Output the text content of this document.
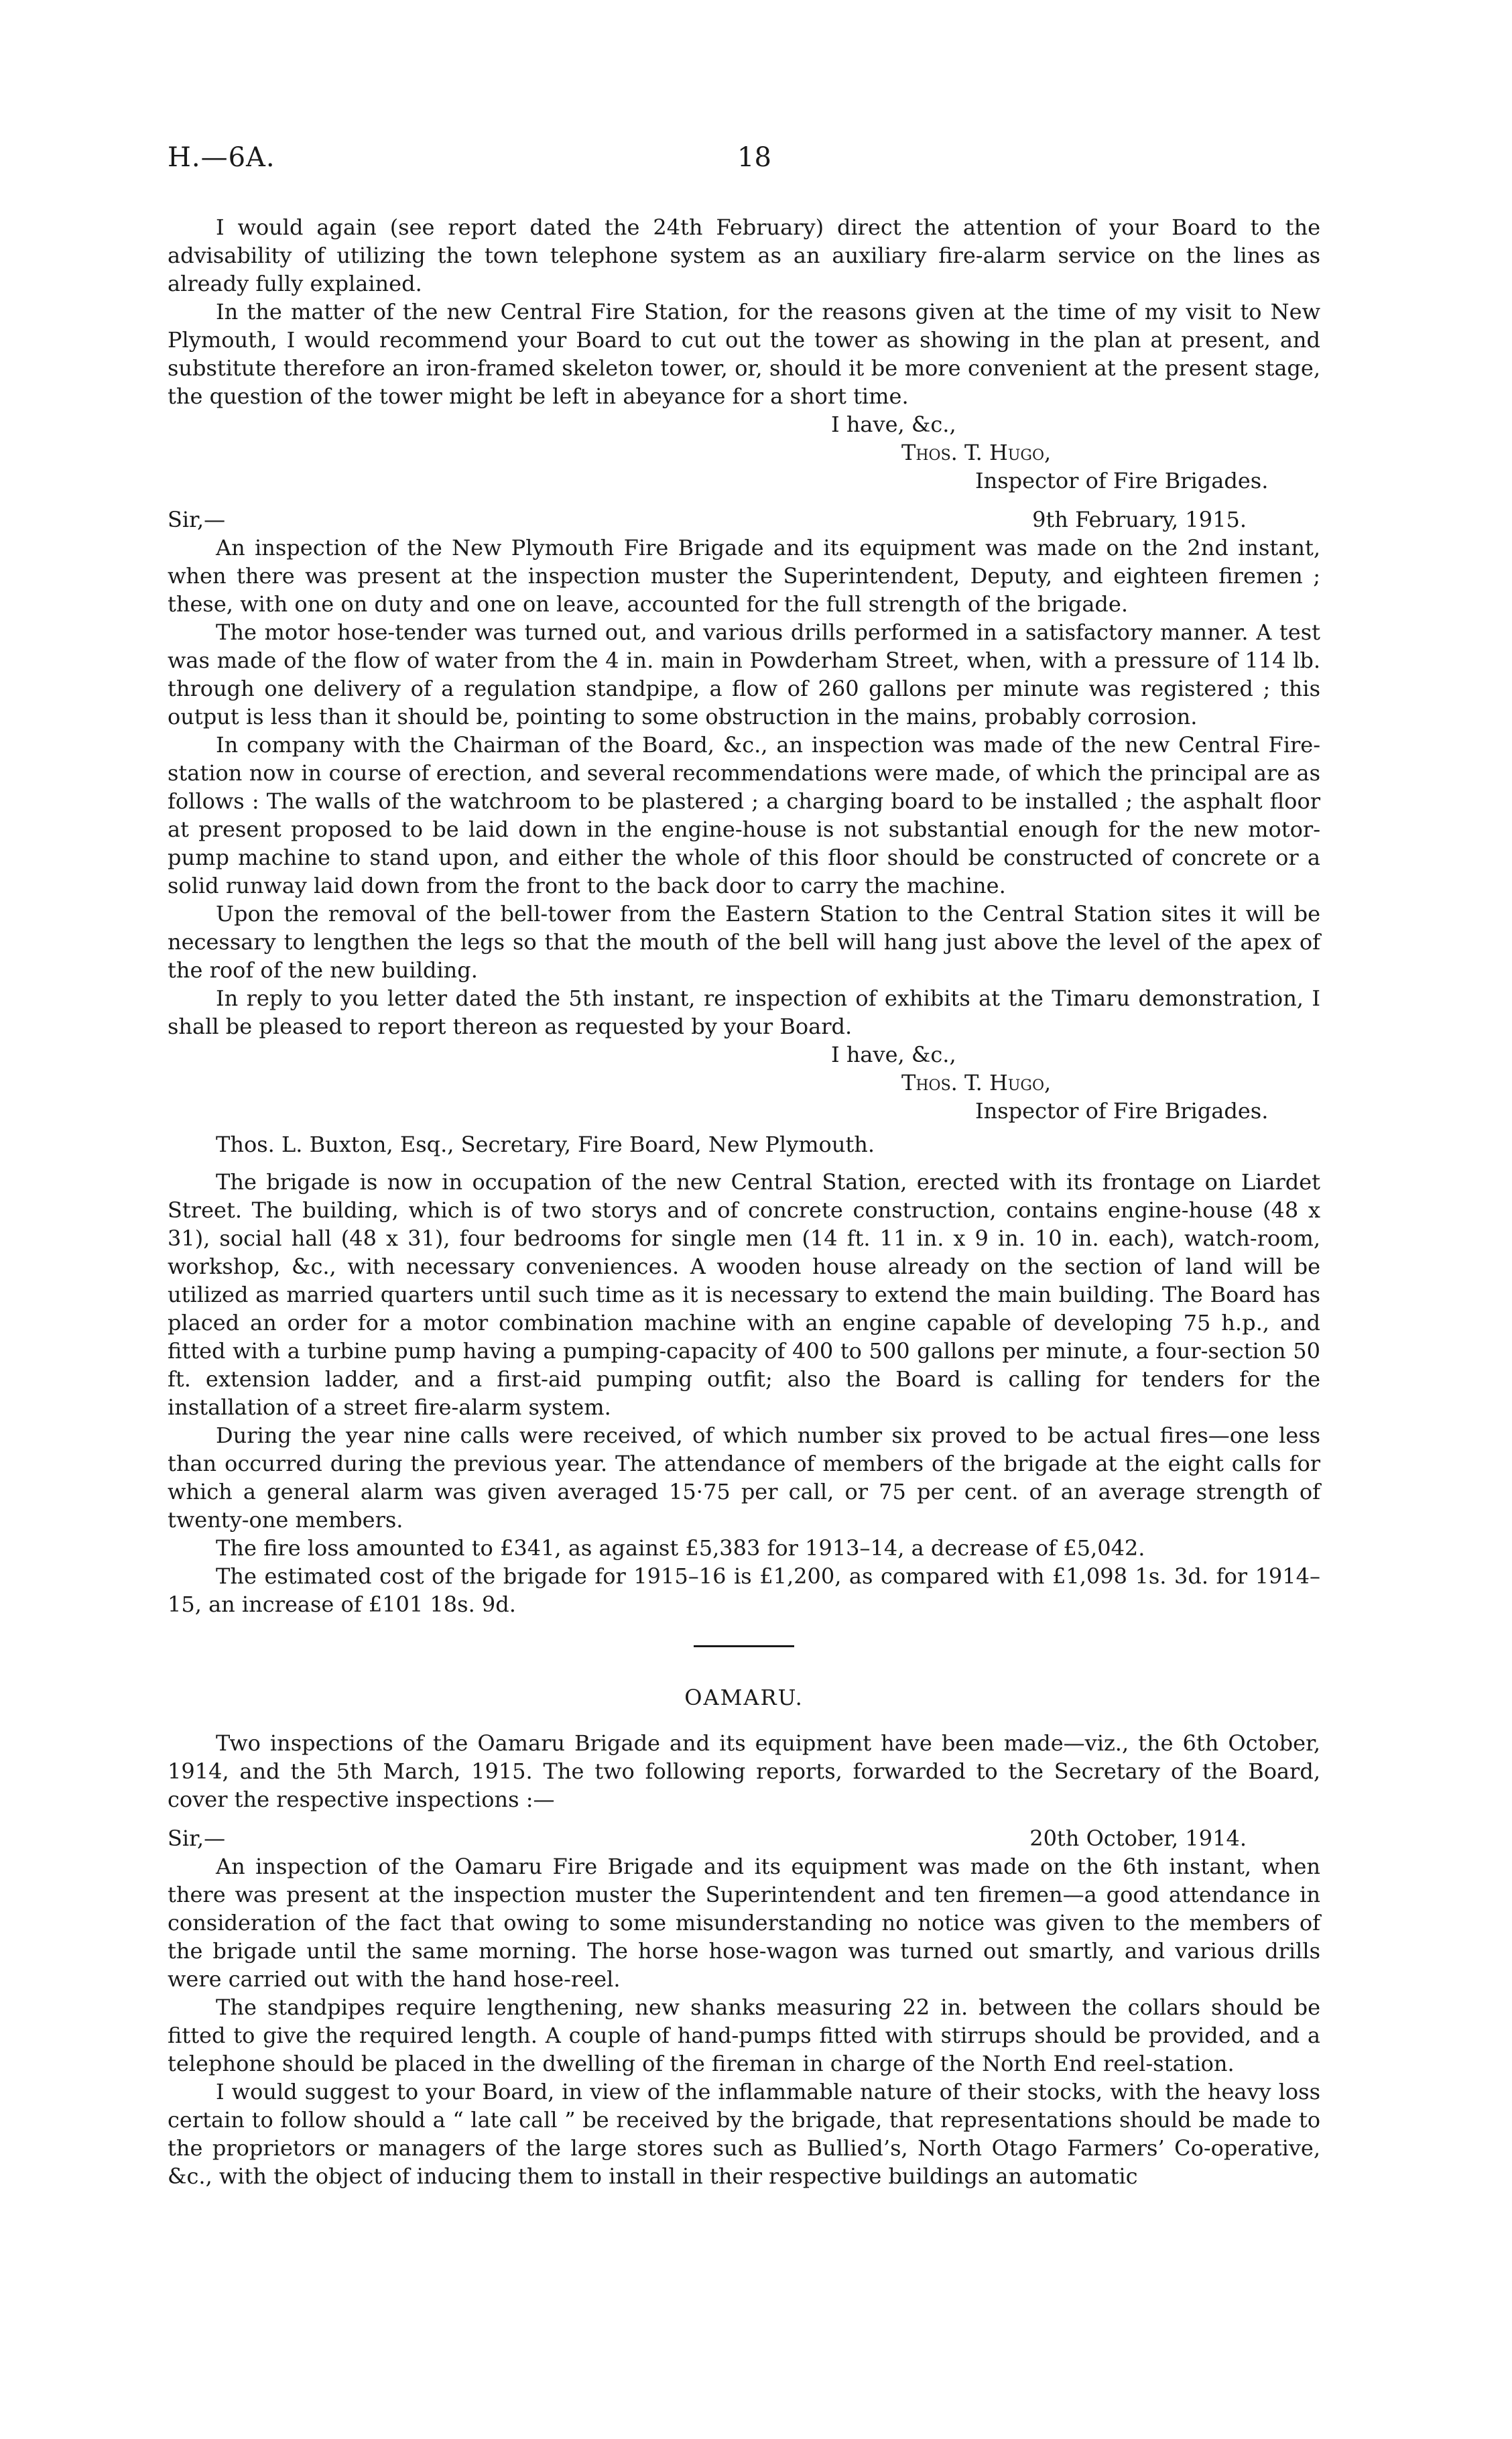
H.—6A.	18

I would again (see report dated the 24th February) direct the attention of your Board to the advisability of utilizing the town telephone system as an auxiliary fire-alarm service on the lines as already fully explained.

In the matter of the new Central Fire Station, for the reasons given at the time of my visit to New Plymouth, I would recommend your Board to cut out the tower as showing in the plan at present, and substitute therefore an iron-framed skeleton tower, or, should it be more convenient at the present stage, the question of the tower might be left in abeyance for a short time.

I have, &c.,

Thos. T. Hugo,

Inspector of Fire Brigades.

Sir,—	9th February, 1915.

An inspection of the New Plymouth Fire Brigade and its equipment was made on the 2nd instant, when there was present at the inspection muster the Superintendent, Deputy, and eighteen firemen ; these, with one on duty and one on leave, accounted for the full strength of the brigade.

The motor hose-tender was turned out, and various drills performed in a satisfactory manner. A test was made of the flow of water from the 4 in. main in Powderham Street, when, with a pressure of 114 lb. through one delivery of a regulation standpipe, a flow of 260 gallons per minute was registered ; this output is less than it should be, pointing to some obstruction in the mains, probably corrosion.

In company with the Chairman of the Board, &c., an inspection was made of the new Central Fire-station now in course of erection, and several recommendations were made, of which the principal are as follows : The walls of the watchroom to be plastered ; a charging board to be installed ; the asphalt floor at present proposed to be laid down in the engine-house is not substantial enough for the new motor-pump machine to stand upon, and either the whole of this floor should be constructed of concrete or a solid runway laid down from the front to the back door to carry the machine.

Upon the removal of the bell-tower from the Eastern Station to the Central Station sites it will be necessary to lengthen the legs so that the mouth of the bell will hang just above the level of the apex of the roof of the new building.

In reply to you letter dated the 5th instant, re inspection of exhibits at the Timaru demonstration, I shall be pleased to report thereon as requested by your Board.

I have, &c.,

Thos. T. Hugo,

Inspector of Fire Brigades.

Thos. L. Buxton, Esq., Secretary, Fire Board, New Plymouth.

The brigade is now in occupation of the new Central Station, erected with its frontage on Liardet Street. The building, which is of two storys and of concrete construction, contains engine-house (48 x 31), social hall (48 x 31), four bedrooms for single men (14 ft. 11 in. x 9 in. 10 in. each), watch-room, workshop, &c., with necessary conveniences. A wooden house already on the section of land will be utilized as married quarters until such time as it is necessary to extend the main building. The Board has placed an order for a motor combination machine with an engine capable of developing 75 h.p., and fitted with a turbine pump having a pumping-capacity of 400 to 500 gallons per minute, a four-section 50 ft. extension ladder, and a first-aid pumping outfit; also the Board is calling for tenders for the installation of a street fire-alarm system.

During the year nine calls were received, of which number six proved to be actual fires—one less than occurred during the previous year. The attendance of members of the brigade at the eight calls for which a general alarm was given averaged 15·75 per call, or 75 per cent. of an average strength of twenty-one members.

The fire loss amounted to £341, as against £5,383 for 1913–14, a decrease of £5,042.

The estimated cost of the brigade for 1915–16 is £1,200, as compared with £1,098 1s. 3d. for 1914–15, an increase of £101 18s. 9d.

OAMARU.

Two inspections of the Oamaru Brigade and its equipment have been made—viz., the 6th October, 1914, and the 5th March, 1915. The two following reports, forwarded to the Secretary of the Board, cover the respective inspections :—

Sir,—	20th October, 1914.

An inspection of the Oamaru Fire Brigade and its equipment was made on the 6th instant, when there was present at the inspection muster the Superintendent and ten firemen—a good attendance in consideration of the fact that owing to some misunderstanding no notice was given to the members of the brigade until the same morning. The horse hose-wagon was turned out smartly, and various drills were carried out with the hand hose-reel.

The standpipes require lengthening, new shanks measuring 22 in. between the collars should be fitted to give the required length. A couple of hand-pumps fitted with stirrups should be provided, and a telephone should be placed in the dwelling of the fireman in charge of the North End reel-station.

I would suggest to your Board, in view of the inflammable nature of their stocks, with the heavy loss certain to follow should a “ late call ” be received by the brigade, that representations should be made to the proprietors or managers of the large stores such as Bullied’s, North Otago Farmers’ Co-operative, &c., with the object of inducing them to install in their respective buildings an automatic
